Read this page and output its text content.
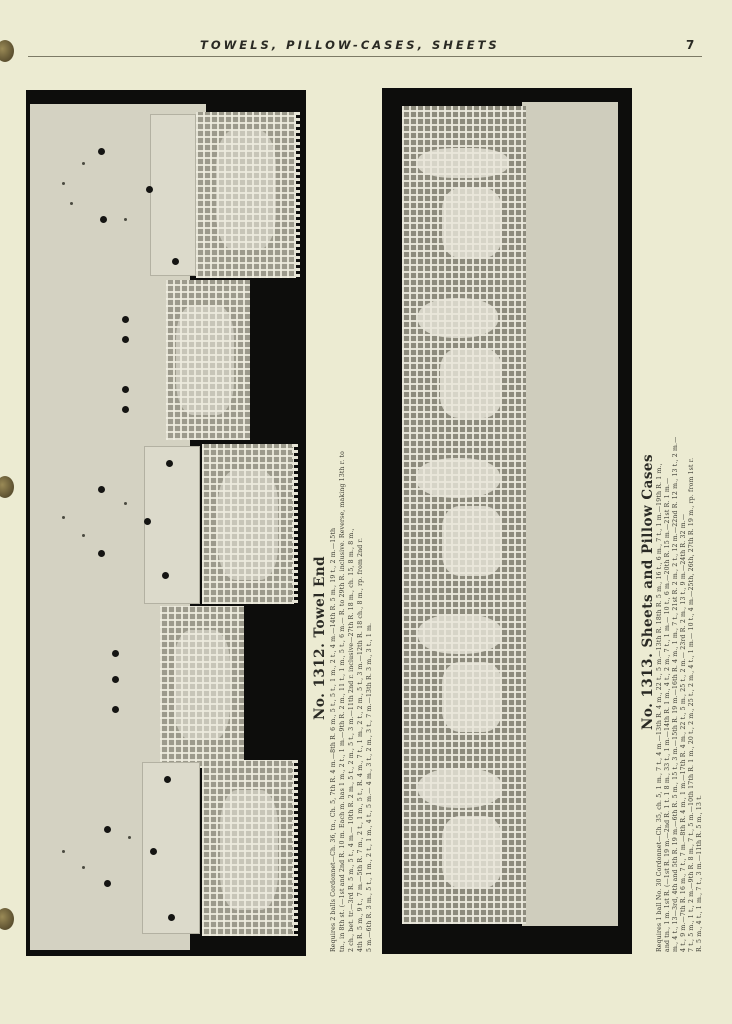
TOWELS, PILLOW-CASES, SHEETS	7
No. 1312. Towel End Requires 2 balls Cordonnet—Ch. 36, tn., Ch. 5, 7th R. 4 m.—8th R. 6 m., 5 t., 5 t., 1 m., 2 t., 4 m.—14th R. 5 m., 19 t., 2 m.—15th tn., in 8th st. (—1st and 2nd R. 10 m. Each m. has 1 m., 2 t., 1 m.—9th R. 2 m., 11 t., 1 m., 5 t., 6 m.— R. to 29th R. inclusive. Reverse, making 13th r. to 2 ch., bet. tr.—3rd R. 5 m., 5 t., 4 m.— 10th R. 2 m., 5 t., 2 m., 5 t., 3 m.—11th 2nd r. inclusive—27th R. 18 m., ch. 15, 8 m., 8 m., 4th R. 5 m., 9 t., 7 m.—5th R. 7 m., 2 t., 1 m., 5 t., R. 4 m., 7 t., 1 m., 2 t., 2 m., 5 t., 3 m.—12th R. 18 ch., 8 m., rp. from 2nd r. 5 m.—6th R. 3 m., 5 t., 1 m., 2 t., 1 m., 4 t., 5 m.— 4 m., 3 t., 2 m., 3 t., 7 m.—13th R. 3 m., 3 t., 1 m.
No. 1313. Sheets and Pillow Cases Requires 1 ball No. 30 Cordonnet—Ch. 35, ch. 5, 1 m., 7 t., 4 m.—13th R. 4 m., 22 t., 5 m.—13th R. 18th R. 5 m., 16 t., 6 m., 7 t., 1 m.—19th R. 1 m., and tn., 1 m. 1st R. (—1st R. 19 m.—2nd R. 1 t. 1 8 m., 33 t., 1 m.—14th R. 1 m., 4 t., 2 m., 7 t., 1 m.— 10 t., 6 m.—20th R. 15 m.—21st R. 1 m.— m., 4 t., 13—3rd, 4th and 5th R. 19 m.—6th R. 5 m., 15 t., 3 m.—15th R. 19 m.—16th R. 4 m., 1 m., 7 t., 21st R. 2 m., 2 t., 12 m.—22nd R. 12 m., 13 t., 2 m.— 4 t., 9 m.—7th R. 16 m., 7 t., 7 m.—8th R. 4 m., 1 m.—17th R. 4 m., 22 t., 5 m., 25 t., 2 m.— 23rd R. 2 m., 13 t., 9 m.—24th R. 32 m.— 7 t., 5 m., 1 t., 2 m.—9th R. 8 m., 7 t., 5 m.—10th 17th R. 1 m., 20 t., 2 m., 25 t., 2 m., 4 t., 1 m.— 10 t., 4 m.—25th, 26th, 27th R. 19 m., rp. from 1st r. R. 5 m., 4 t., 1 m., 7 t., 3 m.—11th R. 5 m., 13 t.
